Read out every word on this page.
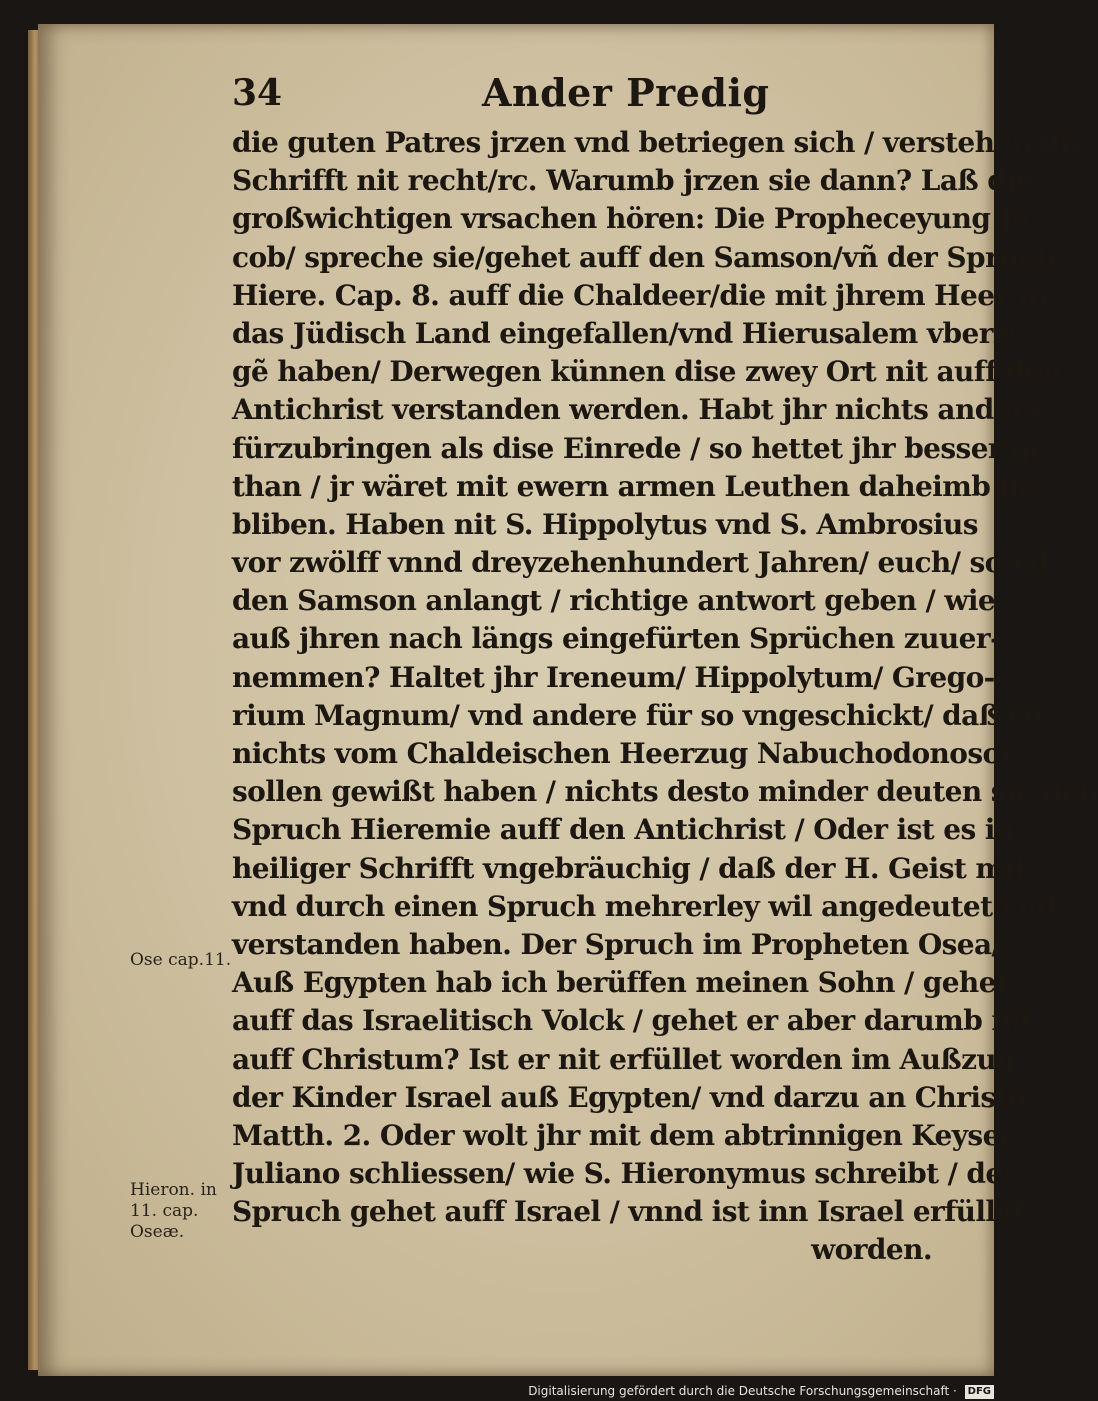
34	Ander Predig
die guten Patres jrzen vnd betriegen sich / verstehen die
Schrifft nit recht/rc. Warumb jrzen sie dann? Laß die
großwichtigen vrsachen hören: Die Propheceyung Ja-
cob/ spreche sie/gehet auff den Samson/vñ der Spruch
Hiere. Cap. 8. auff die Chaldeer/die mit jhrem Heer in
das Jüdisch Land eingefallen/vnd Hierusalem vberzo-
gẽ haben/ Derwegen künnen dise zwey Ort nit auff den
Antichrist verstanden werden. Habt jhr nichts anders
fürzubringen als dise Einrede / so hettet jhr besser ge-
than / jr wäret mit ewern armen Leuthen daheimb ge-
bliben. Haben nit S. Hippolytus vnd S. Ambrosius
vor zwölff vnnd dreyzehenhundert Jahren/ euch/ so vil
den Samson anlangt / richtige antwort geben / wie
auß jhren nach längs eingefürten Sprüchen zuuer-
nemmen? Haltet jhr Ireneum/ Hippolytum/ Grego-
rium Magnum/ vnd andere für so vngeschickt/ daß sie
nichts vom Chaldeischen Heerzug Nabuchodonosors
sollen gewißt haben / nichts desto minder deuten sie den
Spruch Hieremie auff den Antichrist / Oder ist es in
heiliger Schrifft vngebräuchig / daß der H. Geist mit
vnd durch einen Spruch mehrerley wil angedeutet vnd
verstanden haben. Der Spruch im Propheten Osea/
Auß Egypten hab ich berüffen meinen Sohn / gehet
auff das Israelitisch Volck / gehet er aber darumb nit
auff Christum? Ist er nit erfüllet worden im Außzug
der Kinder Israel auß Egypten/ vnd darzu an Christo/
Matth. 2. Oder wolt jhr mit dem abtrinnigen Keyser
Juliano schliessen/ wie S. Hieronymus schreibt / der
Spruch gehet auff Israel / vnnd ist inn Israel erfüllet
worden.
Ose cap.11.
Hieron. in
11. cap.
Oseæ.
Digitalisierung gefördert durch die Deutsche Forschungsgemeinschaft · DFG
